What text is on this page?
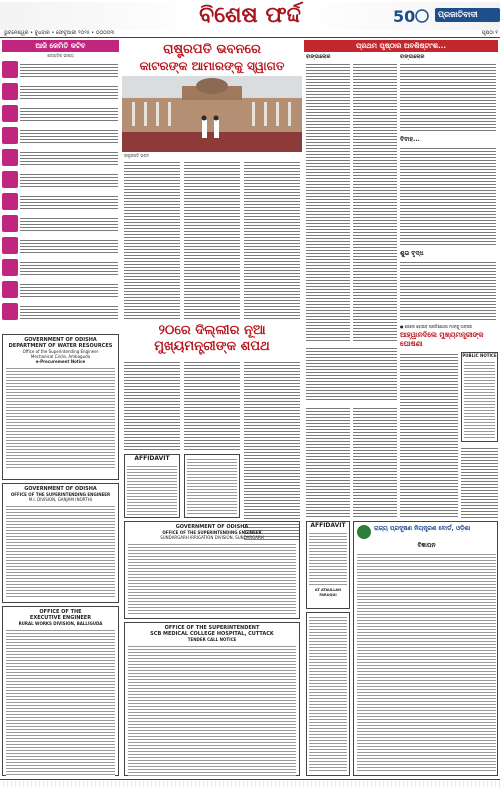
ବିଶେଷ ଫର୍ଦ୍ଦ	50	ପ୍ରଜାତିବାଦୀ
ଭୁବନେଶ୍ୱର • ବୁଧବାର • ଫେବୃଆରୀ ୨୦୨୫ • ୦୦୦୦୩	ପୃଷ୍ଠା ୧
ଆଜି କେମିତି କଟିବ
ଜ୍ୟୋତିଷ ଭାଷ୍ୟ
GOVERNMENT OF ODISHA
DEPARTMENT OF WATER RESOURCES
Office of the Superintending Engineer
Mechanical Circle, Ambaguda
e-Procurement Notice
GOVERNMENT OF ODISHA
OFFICE OF THE SUPERINTENDING ENGINEER
M.I. DIVISION, GANJAM (NORTH)
OFFICE OF THE
EXECUTIVE ENGINEER
RURAL WORKS DIVISION, BALLIGUDA
ରାଷ୍ଟ୍ରପତି ଭବନରେ
କାଟରଙ୍କ ଆମାରଙ୍କୁ ସ୍ୱାଗତ
ରାଷ୍ଟ୍ରପତି ଭବନ
୨୦ରେ ଦିଲ୍ଲୀର ନୂଆ
ମୁଖ୍ୟମନ୍ତ୍ରୀଙ୍କ ଶପଥ
AFFIDAVIT
GOVERNMENT OF ODISHA
OFFICE OF THE SUPERINTENDING ENGINEER
SUNDARGARH IRRIGATION DIVISION, SUNDARGARH
OFFICE OF THE SUPERINTENDENT
SCB MEDICAL COLLEGE HOSPITAL, CUTTACK
TENDER CALL NOTICE
ପ୍ରଥମ ପୃଷ୍ଠାର ଅବଶିଷ୍ଟାଂଶ...
ବାଙ୍ଗାଲୋର	ବାଙ୍ଗାଲୋର
ବିବାହ...
ଶୁଭ ବୃଦ୍ଧ
● ଜେଲେ ହୋଇବ ପ୍ରତିଯୋଗୀ ମାଙ୍କୁ ଅବସର
ଆହ୍ୱାନଦିଲେ ମୁଖ୍ୟମନ୍ତ୍ରୀଙ୍କ ଘୋଷଣା
PUBLIC NOTICE
AFFIDAVIT
AT ATAULLAH FARUQUI
ରାଜ୍ୟ ପ୍ରଦୂଷଣ ନିୟନ୍ତ୍ରଣ ବୋର୍ଡ, ଓଡ଼ିଶା
ବିଜ୍ଞାପନ
